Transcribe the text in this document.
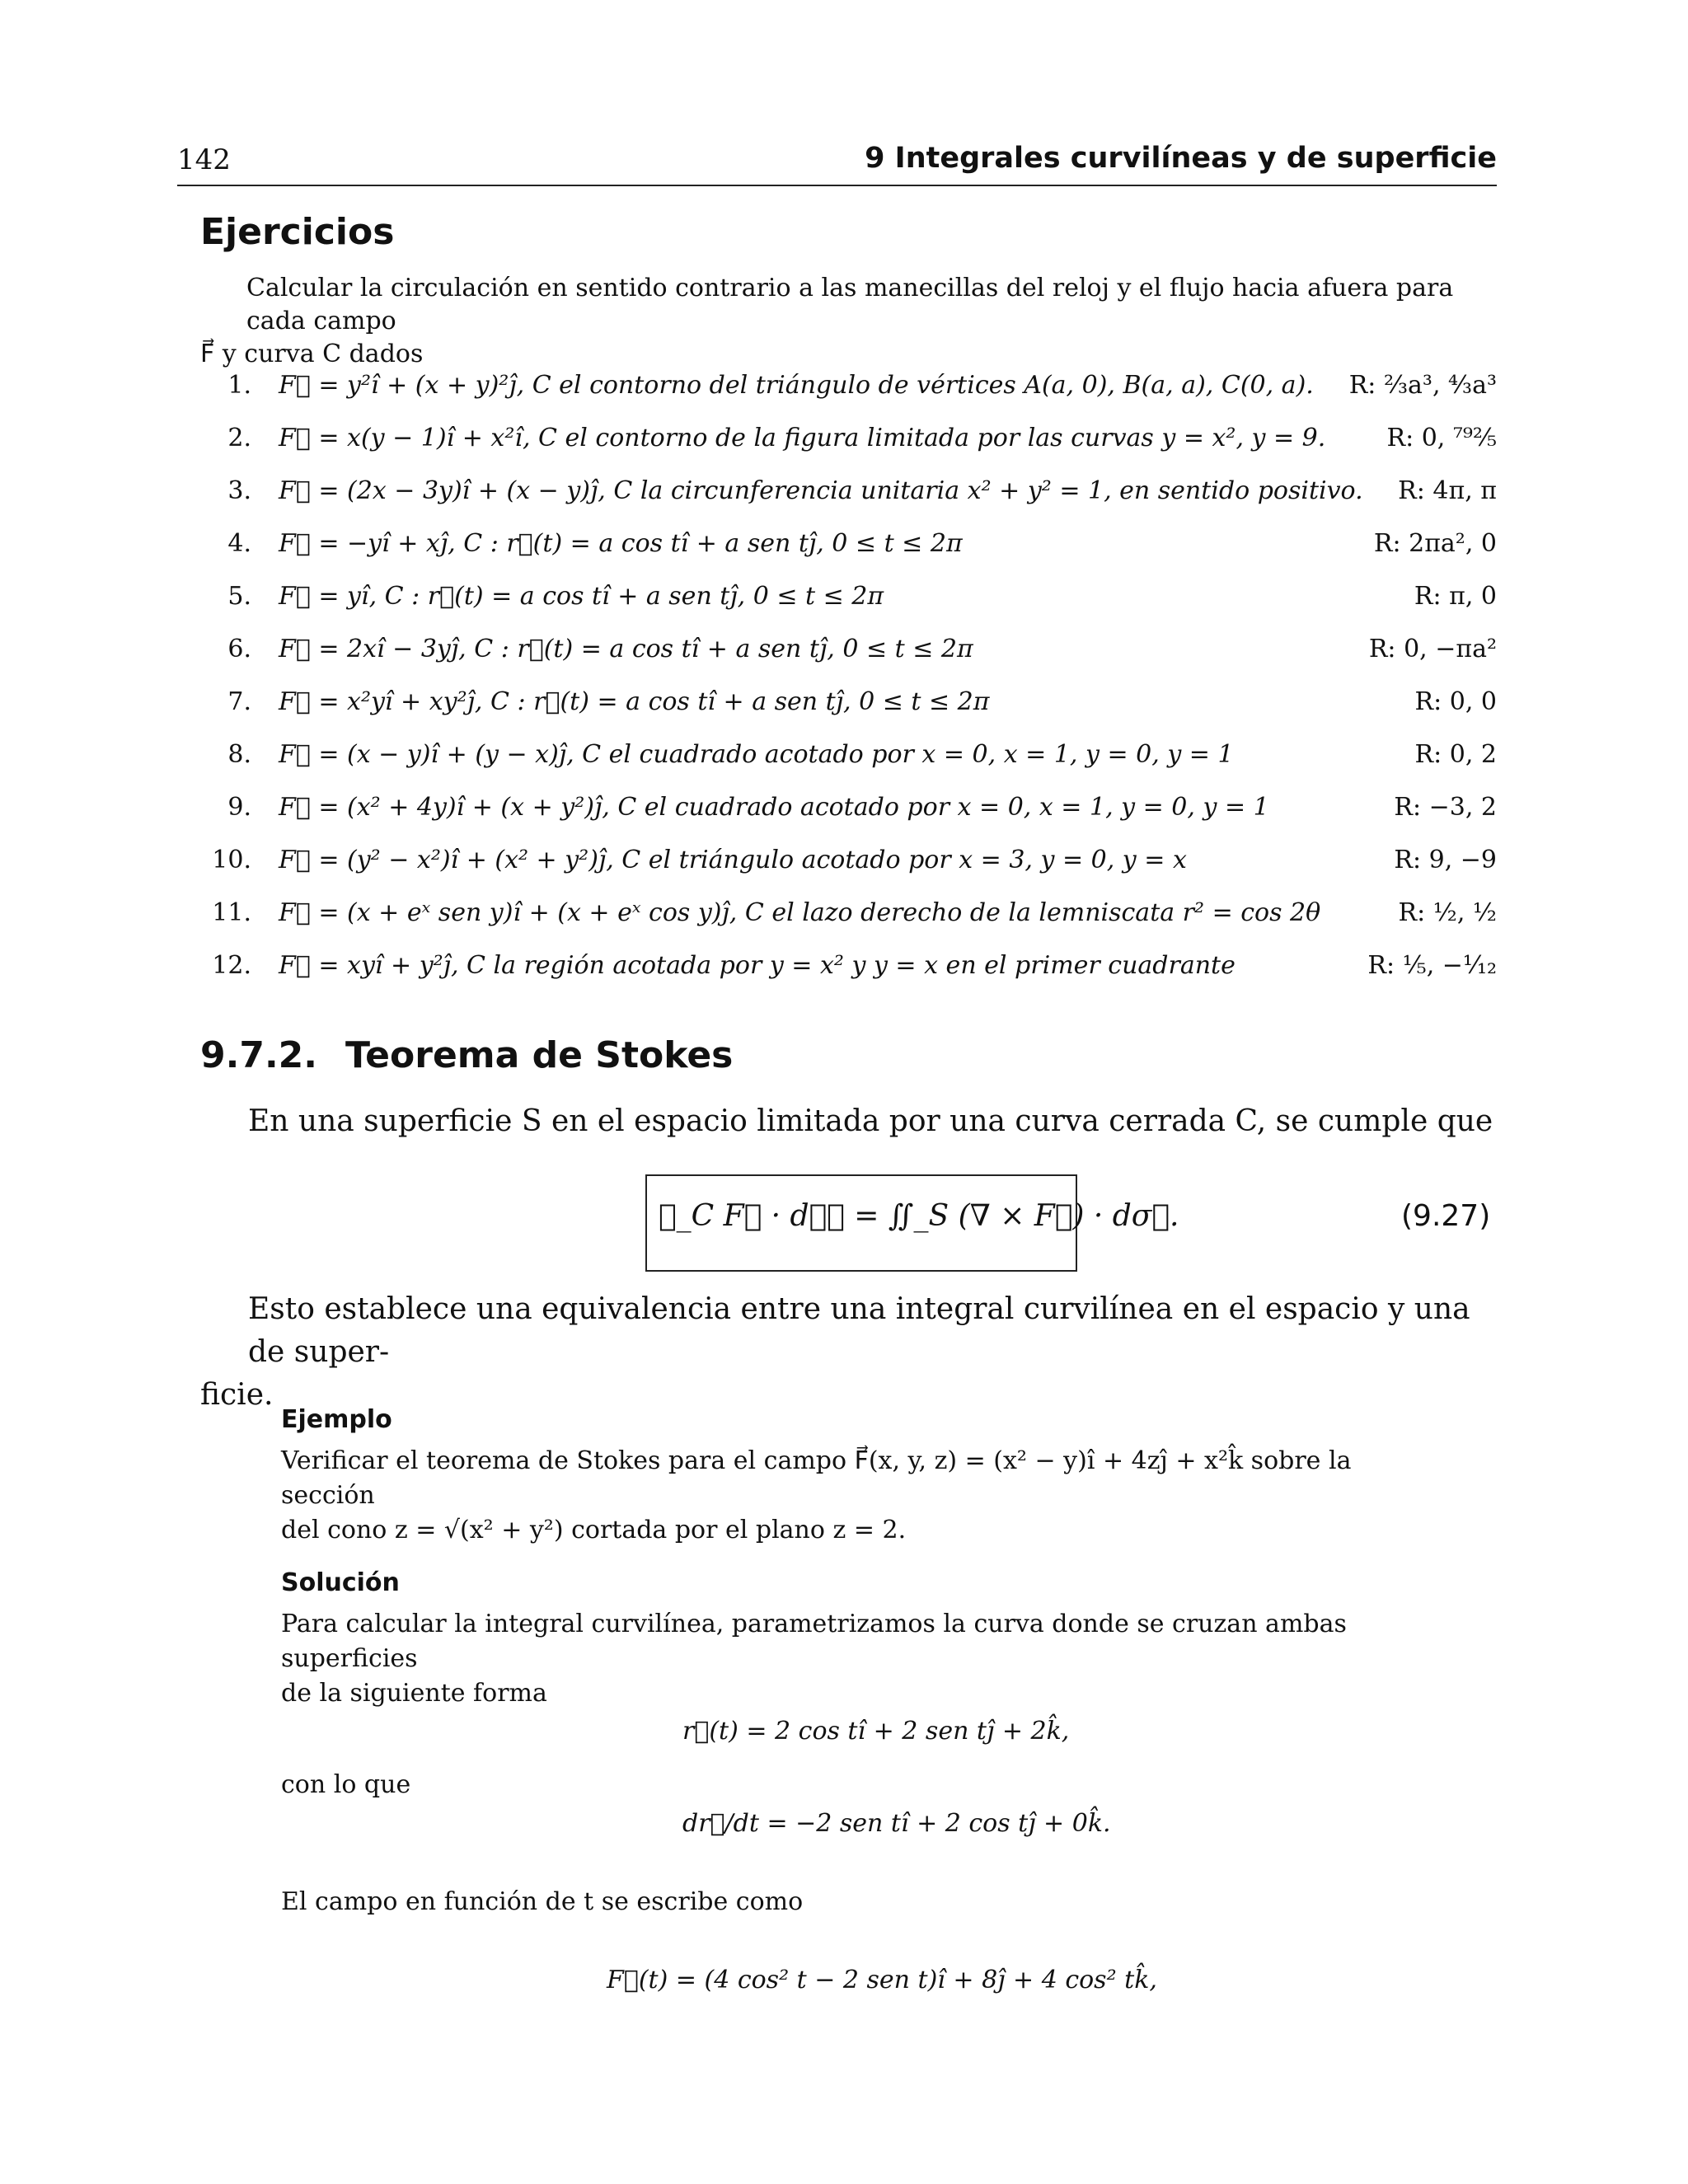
142	9 Integrales curvilíneas y de superficie
Ejercicios
Calcular la circulación en sentido contrario a las manecillas del reloj y el flujo hacia afuera para cada campo
F⃗ y curva C dados
1. F⃗ = y²î + (x + y)²ĵ, C el contorno del triángulo de vértices A(a, 0), B(a, a), C(0, a). R: ⅔a³, ⁴⁄₃a³
2. F⃗ = x(y − 1)î + x²î, C el contorno de la figura limitada por las curvas y = x², y = 9. R: 0, ⁷⁹²⁄₅
3. F⃗ = (2x − 3y)î + (x − y)ĵ, C la circunferencia unitaria x² + y² = 1, en sentido positivo. R: 4π, π
4. F⃗ = −yî + xĵ, C : r⃗(t) = a cos tî + a sen tĵ, 0 ≤ t ≤ 2π	R: 2πa², 0
5. F⃗ = yî, C : r⃗(t) = a cos tî + a sen tĵ, 0 ≤ t ≤ 2π	R: π, 0
6. F⃗ = 2xî − 3yĵ, C : r⃗(t) = a cos tî + a sen tĵ, 0 ≤ t ≤ 2π	R: 0, −πa²
7. F⃗ = x²yî + xy²ĵ, C : r⃗(t) = a cos tî + a sen tĵ, 0 ≤ t ≤ 2π	R: 0, 0
8. F⃗ = (x − y)î + (y − x)ĵ, C el cuadrado acotado por x = 0, x = 1, y = 0, y = 1	R: 0, 2
9. F⃗ = (x² + 4y)î + (x + y²)ĵ, C el cuadrado acotado por x = 0, x = 1, y = 0, y = 1	R: −3, 2
10. F⃗ = (y² − x²)î + (x² + y²)ĵ, C el triángulo acotado por x = 3, y = 0, y = x	R: 9, −9
11. F⃗ = (x + eˣ sen y)î + (x + eˣ cos y)ĵ, C el lazo derecho de la lemniscata r² = cos 2θ	R: ½, ½
12. F⃗ = xyî + y²ĵ, C la región acotada por y = x² y y = x en el primer cuadrante	R: ⅕, −¹⁄₁₂
9.7.2. Teorema de Stokes
En una superficie S en el espacio limitada por una curva cerrada C, se cumple que
∮_C F⃗ · dℓ⃗ = ∬_S (∇ × F⃗) · dσ⃗.	(9.27)
Esto establece una equivalencia entre una integral curvilínea en el espacio y una de super-
ficie.
Ejemplo
Verificar el teorema de Stokes para el campo F⃗(x, y, z) = (x² − y)î + 4zĵ + x²k̂ sobre la sección
del cono z = √(x² + y²) cortada por el plano z = 2.
Solución
Para calcular la integral curvilínea, parametrizamos la curva donde se cruzan ambas superficies
de la siguiente forma
r⃗(t) = 2 cos tî + 2 sen tĵ + 2k̂,
con lo que
dr⃗/dt = −2 sen tî + 2 cos tĵ + 0k̂.
El campo en función de t se escribe como
F⃗(t) = (4 cos² t − 2 sen t)î + 8ĵ + 4 cos² tk̂,
